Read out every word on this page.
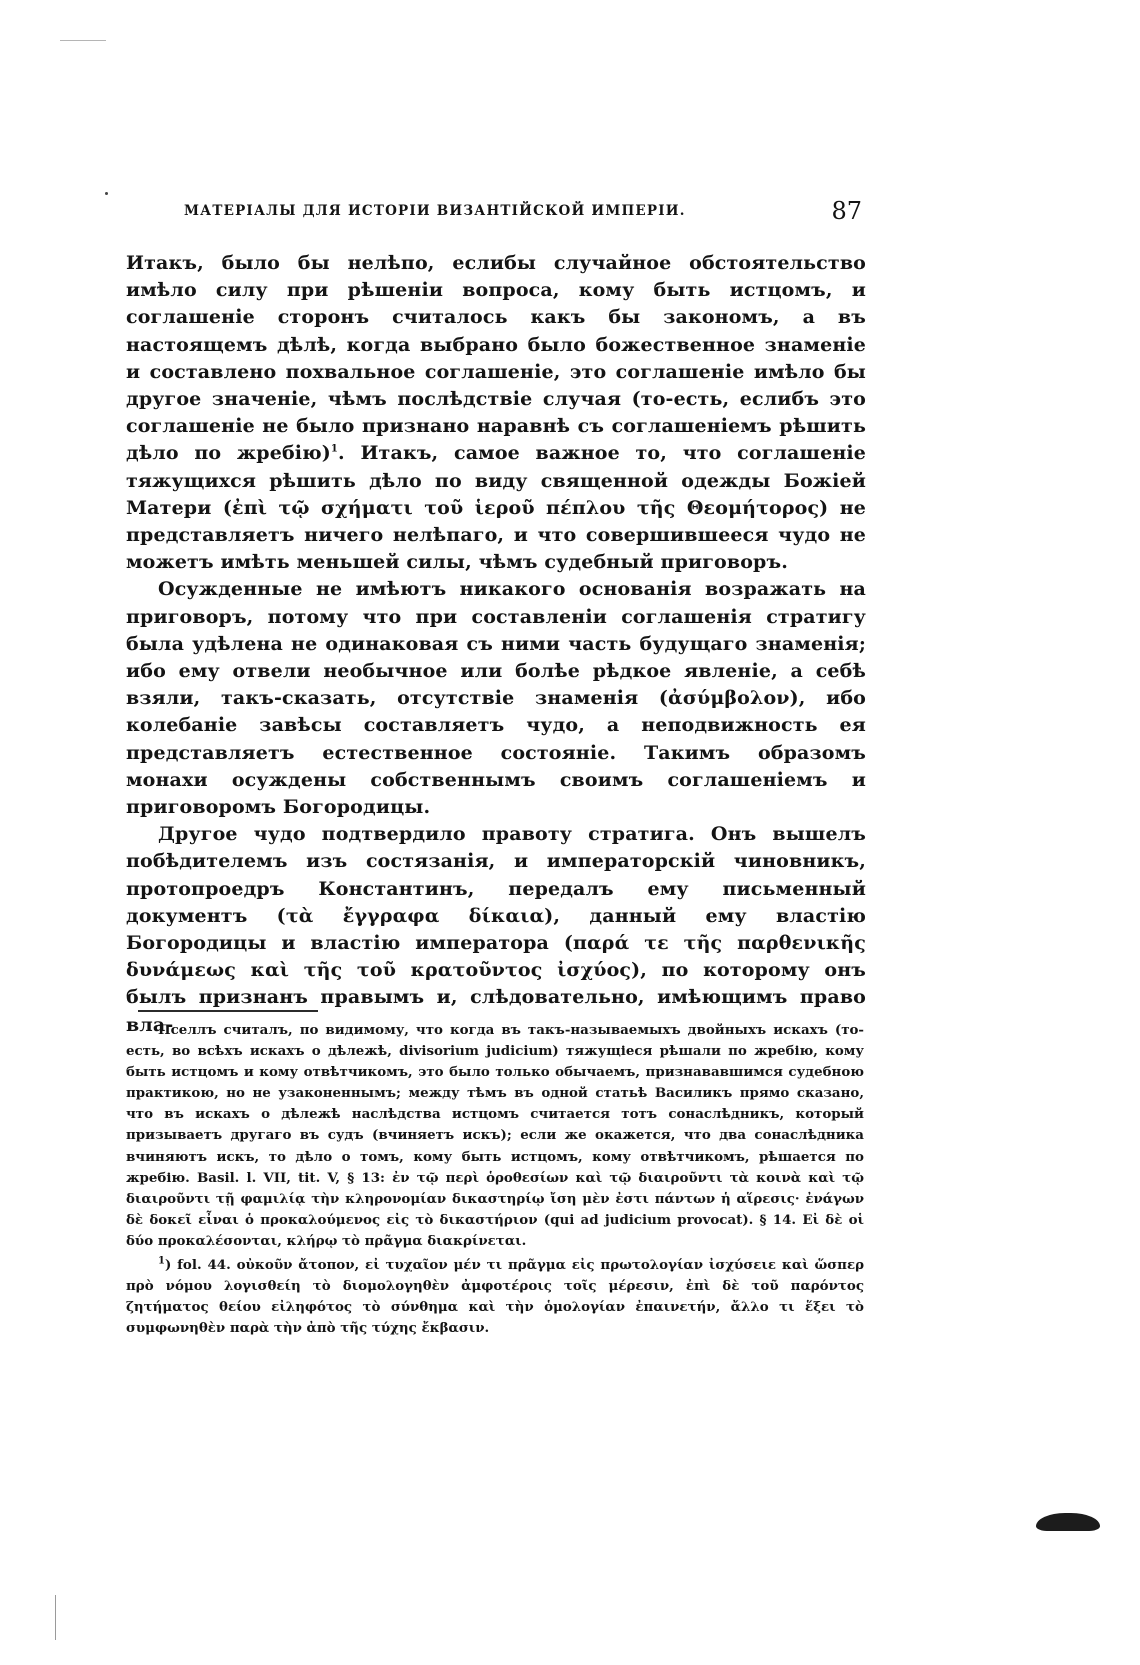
МАТЕРІАЛЫ ДЛЯ ИСТОРІИ ВИЗАНТІЙСКОЙ ИМПЕРІИ.	87

Итакъ, было бы нелѣпо, еслибы случайное обстоятельство имѣло силу при рѣшеніи вопроса, кому быть истцомъ, и соглашеніе сторонъ считалось какъ бы закономъ, а въ настоящемъ дѣлѣ, когда выбрано было божественное знаменіе и составлено похвальное соглашеніе, это соглашеніе имѣло бы другое значеніе, чѣмъ послѣдствіе случая (то-есть, еслибъ это соглашеніе не было признано наравнѣ съ соглашеніемъ рѣшить дѣло по жребію)$^1$. Итакъ, самое важное то, что соглашеніе тяжущихся рѣшить дѣло по виду священной одежды Божіей Матери (ἐπὶ τῷ σχήματι τοῦ ἱεροῦ πέπλου τῆς Θεομήτορος) не представляетъ ничего нелѣпаго, и что совершившееся чудо не можетъ имѣть меньшей силы, чѣмъ судебный приговоръ.

Осужденные не имѣютъ никакого основанія возражать на приговоръ, потому что при составленіи соглашенія стратигу была удѣлена не одинаковая съ ними часть будущаго знаменія; ибо ему отвели необычное или болѣе рѣдкое явленіе, а себѣ взяли, такъ-сказать, отсутствіе знаменія (ἀσύμβολον), ибо колебаніе завѣсы составляетъ чудо, а неподвижность ея представляетъ естественное состояніе. Такимъ образомъ монахи осуждены собственнымъ своимъ соглашеніемъ и приговоромъ Богородицы.

Другое чудо подтвердило правоту стратига. Онъ вышелъ побѣдителемъ изъ состязанія, и императорскій чиновникъ, протопроедръ Константинъ, передалъ ему письменный документъ (τὰ ἔγγραφα δίκαια), данный ему властію Богородицы и властію императора (παρά τε τῆς παρθενικῆς δυνάμεως καὶ τῆς τοῦ κρατοῦντος ἰσχύος), по которому онъ былъ признанъ правымъ и, слѣдовательно, имѣющимъ право вла-

Пселлъ считалъ, по видимому, что когда въ такъ-называемыхъ двойныхъ искахъ (то-есть, во всѣхъ искахъ о дѣлежѣ, divisorium judicium) тяжущіеся рѣшали по жребію, кому быть истцомъ и кому отвѣтчикомъ, это было только обычаемъ, признававшимся судебною практикою, но не узаконеннымъ; между тѣмъ въ одной статьѣ Василикъ прямо сказано, что въ искахъ о дѣлежѣ наслѣдства истцомъ считается тотъ сонаслѣдникъ, который призываетъ другаго въ судъ (вчиняетъ искъ); если же окажется, что два сонаслѣдника вчиняютъ искъ, то дѣло о томъ, кому быть истцомъ, кому отвѣтчикомъ, рѣшается по жребію. Basil. l. VII, tit. V, § 13: ἐν τῷ περὶ ὁροθεσίων καὶ τῷ διαιροῦντι τὰ κοινὰ καὶ τῷ διαιροῦντι τῇ φαμιλίᾳ τὴν κληρονομίαν δικαστηρίῳ ἴση μὲν ἐστι πάντων ἡ αἵρεσις· ἐνάγων δὲ δοκεῖ εἶναι ὁ προκαλούμενος εἰς τὸ δικαστήριον (qui ad judicium provocat). § 14. Εἰ δὲ οἱ δύο προκαλέσονται, κλήρῳ τὸ πρᾶγμα διακρίνεται.

$^1$) fol. 44. οὐκοῦν ἄτοπον, εἰ τυχαῖον μέν τι πρᾶγμα εἰς πρωτολογίαν ἰσχύσειε καὶ ὥσπερ πρὸ νόμου λογισθείη τὸ διομολογηθὲν ἀμφοτέροις τοῖς μέρεσιν, ἐπὶ δὲ τοῦ παρόντος ζητήματος θείου εἰληφότος τὸ σύνθημα καὶ τὴν ὁμολογίαν ἐπαινετήν, ἄλλο τι ἕξει τὸ συμφωνηθὲν παρὰ τὴν ἀπὸ τῆς τύχης ἔκβασιν.
